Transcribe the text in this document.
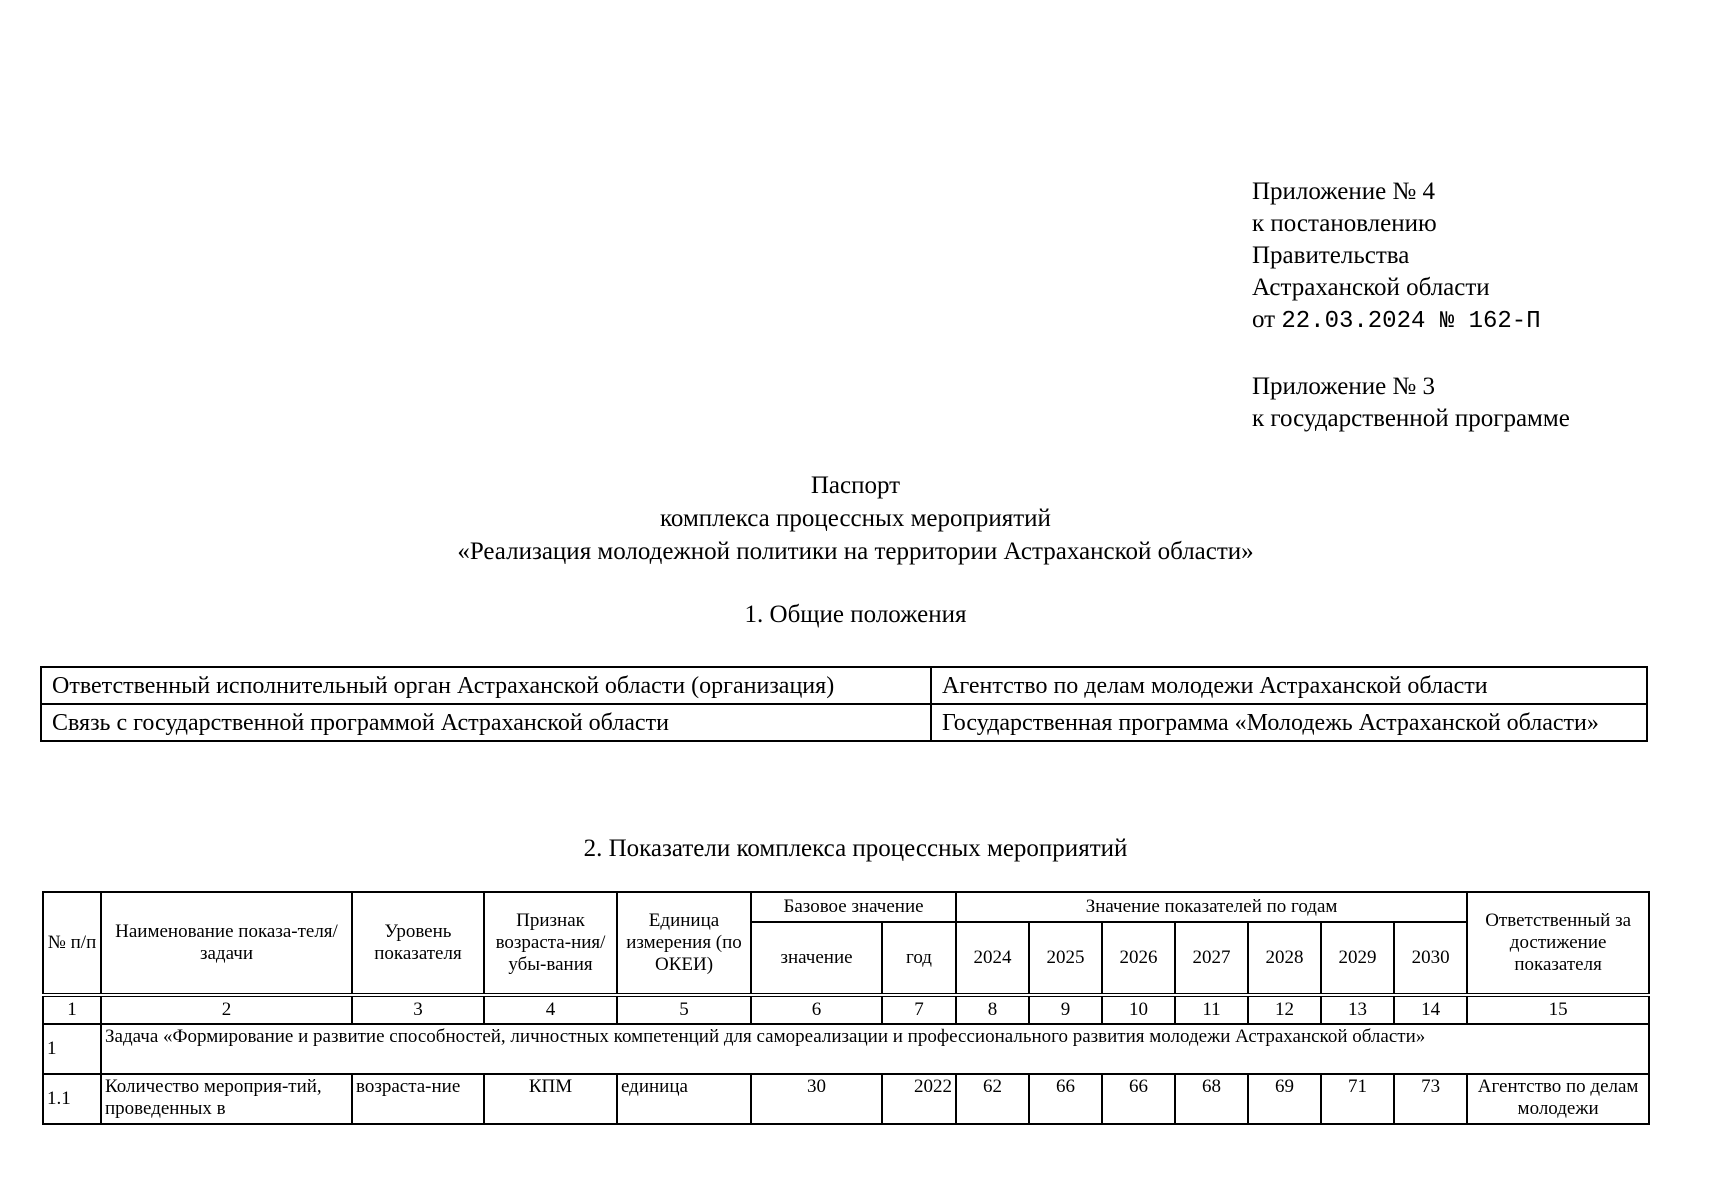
Приложение № 4
к постановлению
Правительства
Астраханской области
от 22.03.2024 № 162-П
Приложение № 3
к государственной программе
Паспорт
комплекса процессных мероприятий
«Реализация молодежной политики на территории Астраханской области»
1. Общие положения
Ответственный исполнительный орган Астраханской области (организация)	Агентство по делам молодежи Астраханской области
Связь с государственной программой Астраханской области	Государственная программа «Молодежь Астраханской области»
2. Показатели комплекса процессных мероприятий
№ п/п	Наименование показа-теля/задачи	Уровень показателя	Признак возраста-ния/ убы-вания	Единица измерения (по ОКЕИ)	Базовое значение		Значение показателей по годам							Ответственный за достижение показателя
					значение	год	2024	2025	2026	2027	2028	2029	2030	
1	2	3	4	5	6	7	8	9	10	11	12	13	14	15
1	Задача «Формирование и развитие способностей, личностных компетенций для самореализации и профессионального развития молодежи Астраханской области»													
1.1	Количество мероприя-тий, проведенных в	возраста-ние	КПМ	единица	30	2022	62	66	66	68	69	71	73	Агентство по делам молодежи
